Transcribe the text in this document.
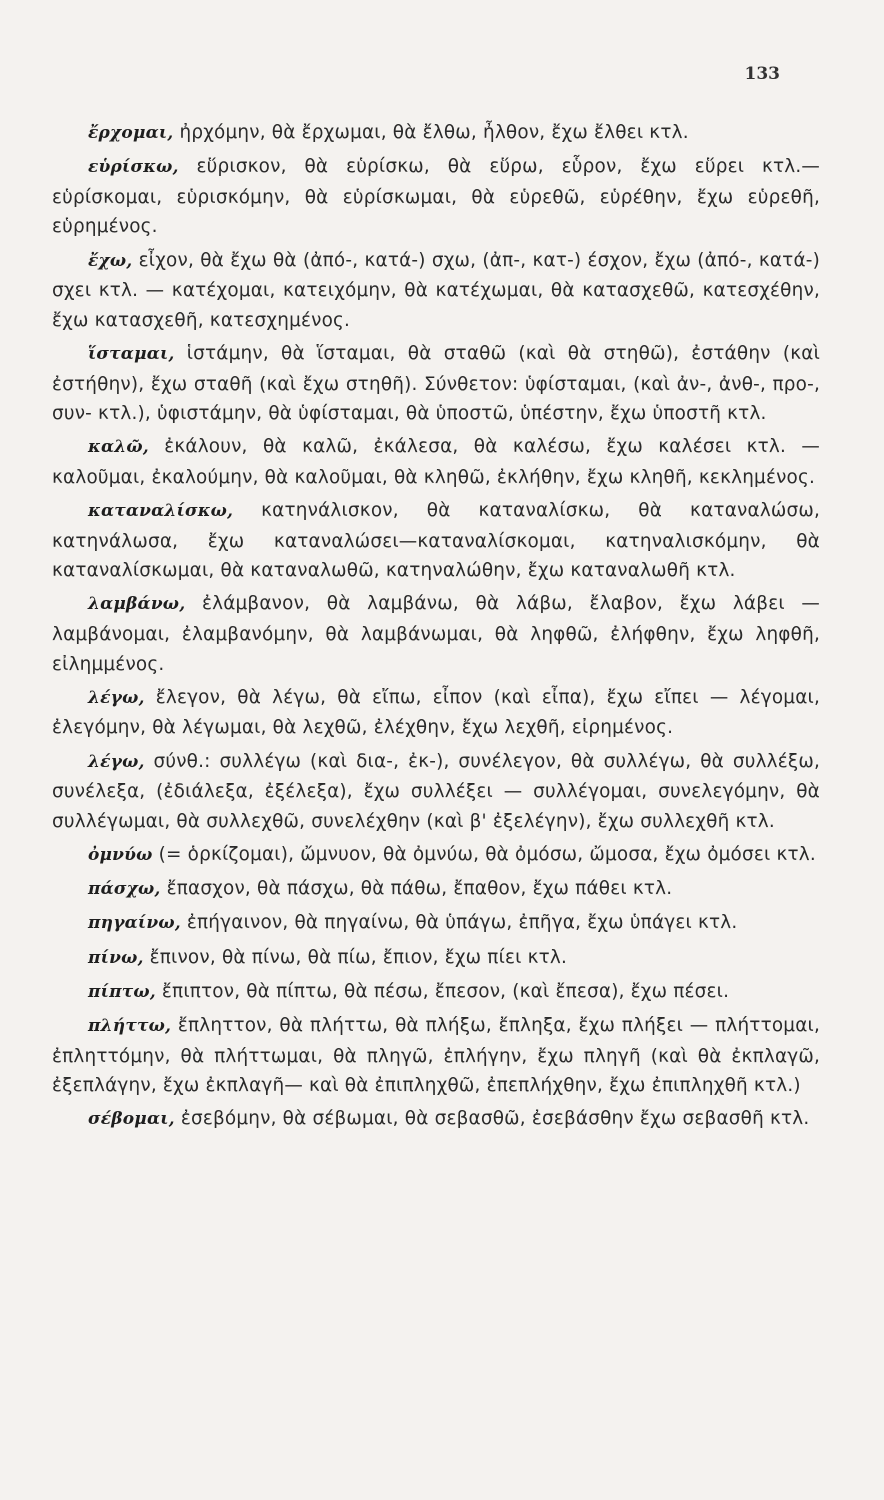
133

ἔρχομαι, ἠρχόμην, θὰ ἔρχωμαι, θὰ ἔλθω, ἦλθον, ἔχω ἔλθει κτλ.

εὑρίσκω, εὕρισκον, θὰ εὑρίσκω, θὰ εὕρω, εὗρον, ἔχω εὕρει κτλ.— εὑρίσκομαι, εὑρισκόμην, θὰ εὑρίσκωμαι, θὰ εὑρεθῶ, εὑρέθην, ἔχω εὑρεθῆ, εὑρημένος.

ἔχω, εἶχον, θὰ ἔχω θὰ (ἀπό-, κατά-) σχω, (ἀπ-, κατ-) έσχον, ἔχω (ἀπό-, κατά-) σχει κτλ. — κατέχομαι, κατειχόμην, θὰ κατέχωμαι, θὰ κατασχεθῶ, κατεσχέθην, ἔχω κατασχεθῆ, κατεσχημένος.

ἵσταμαι, ἱστάμην, θὰ ἵσταμαι, θὰ σταθῶ (καὶ θὰ στηθῶ), ἐστάθην (καὶ ἐστήθην), ἔχω σταθῆ (καὶ ἔχω στηθῆ). Σύνθετον: ὑφίσταμαι, (καὶ ἀν-, ἀνθ-, προ-, συν- κτλ.), ὑφιστάμην, θὰ ὑφίσταμαι, θὰ ὑποστῶ, ὑπέστην, ἔχω ὑποστῆ κτλ.

καλῶ, ἐκάλουν, θὰ καλῶ, ἐκάλεσα, θὰ καλέσω, ἔχω καλέσει κτλ. — καλοῦμαι, ἐκαλούμην, θὰ καλοῦμαι, θὰ κληθῶ, ἐκλήθην, ἔχω κληθῆ, κεκλημένος.

καταναλίσκω, κατηνάλισκον, θὰ καταναλίσκω, θὰ καταναλώσω, κατηνάλωσα, ἔχω καταναλώσει—καταναλίσκομαι, κατηναλισκόμην, θὰ καταναλίσκωμαι, θὰ καταναλωθῶ, κατηναλώθην, ἔχω καταναλωθῆ κτλ.

λαμβάνω, ἐλάμβανον, θὰ λαμβάνω, θὰ λάβω, ἔλαβον, ἔχω λάβει — λαμβάνομαι, ἐλαμβανόμην, θὰ λαμβάνωμαι, θὰ ληφθῶ, ἐλήφθην, ἔχω ληφθῆ, εἰλημμένος.

λέγω, ἔλεγον, θὰ λέγω, θὰ εἴπω, εἶπον (καὶ εἶπα), ἔχω εἴπει — λέγομαι, ἐλεγόμην, θὰ λέγωμαι, θὰ λεχθῶ, ἐλέχθην, ἔχω λεχθῆ, εἰρημένος.

λέγω, σύνθ.: συλλέγω (καὶ δια-, ἐκ-), συνέλεγον, θὰ συλλέγω, θὰ συλλέξω, συνέλεξα, (ἐδιάλεξα, ἐξέλεξα), ἔχω συλλέξει — συλλέγομαι, συνελεγόμην, θὰ συλλέγωμαι, θὰ συλλεχθῶ, συνελέχθην (καὶ β' ἐξελέγην), ἔχω συλλεχθῆ κτλ.

ὀμνύω (= ὁρκίζομαι), ὤμνυον, θὰ ὀμνύω, θὰ ὀμόσω, ὤμοσα, ἔχω ὀμόσει κτλ.

πάσχω, ἔπασχον, θὰ πάσχω, θὰ πάθω, ἔπαθον, ἔχω πάθει κτλ.

πηγαίνω, ἐπήγαινον, θὰ πηγαίνω, θὰ ὑπάγω, ἐπῆγα, ἔχω ὑπάγει κτλ.

πίνω, ἔπινον, θὰ πίνω, θὰ πίω, ἔπιον, ἔχω πίει κτλ.

πίπτω, ἔπιπτον, θὰ πίπτω, θὰ πέσω, ἔπεσον, (καὶ ἔπεσα), ἔχω πέσει.

πλήττω, ἔπληττον, θὰ πλήττω, θὰ πλήξω, ἔπληξα, ἔχω πλήξει — πλήττομαι, ἐπληττόμην, θὰ πλήττωμαι, θὰ πληγῶ, ἐπλήγην, ἔχω πληγῆ (καὶ θὰ ἐκπλαγῶ, ἐξεπλάγην, ἔχω ἐκπλαγῆ— καὶ θὰ ἐπιπληχθῶ, ἐπεπλήχθην, ἔχω ἐπιπληχθῆ κτλ.)

σέβομαι, ἐσεβόμην, θὰ σέβωμαι, θὰ σεβασθῶ, ἐσεβάσθην ἔχω σεβασθῆ κτλ.
